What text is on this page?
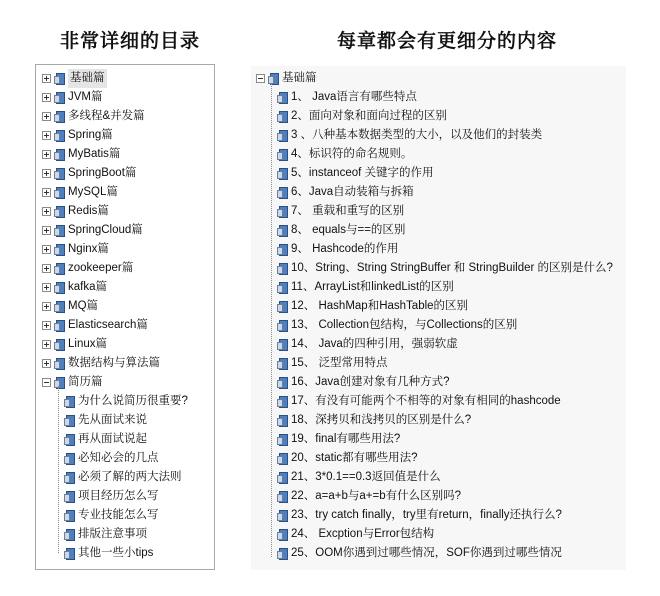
非常详细的目录	每章都会有更细分的内容
基础篇
JVM篇
多线程&并发篇
Spring篇
MyBatis篇
SpringBoot篇
MySQL篇
Redis篇
SpringCloud篇
Nginx篇
zookeeper篇
kafka篇
MQ篇
Elasticsearch篇
Linux篇
数据结构与算法篇
简历篇
为什么说简历很重要?
先从面试来说
再从面试说起
必知必会的几点
必须了解的两大法则
项目经历怎么写
专业技能怎么写
排版注意事项
其他一些小tips
基础篇
1、 Java语言有哪些特点
2、面向对象和面向过程的区别
3 、八种基本数据类型的大小，以及他们的封装类
4、标识符的命名规则。
5、instanceof 关键字的作用
6、Java自动装箱与拆箱
7、 重载和重写的区别
8、 equals与==的区别
9、 Hashcode的作用
10、String、String StringBuffer 和 StringBuilder 的区别是什么?
11、ArrayList和linkedList的区别
12、 HashMap和HashTable的区别
13、 Collection包结构，与Collections的区别
14、 Java的四种引用，强弱软虚
15、 泛型常用特点
16、Java创建对象有几种方式?
17、有没有可能两个不相等的对象有相同的hashcode
18、深拷贝和浅拷贝的区别是什么?
19、final有哪些用法?
20、static都有哪些用法?
21、3*0.1==0.3返回值是什么
22、a=a+b与a+=b有什么区别吗?
23、try catch finally，try里有return，finally还执行么?
24、 Excption与Error包结构
25、OOM你遇到过哪些情况，SOF你遇到过哪些情况
